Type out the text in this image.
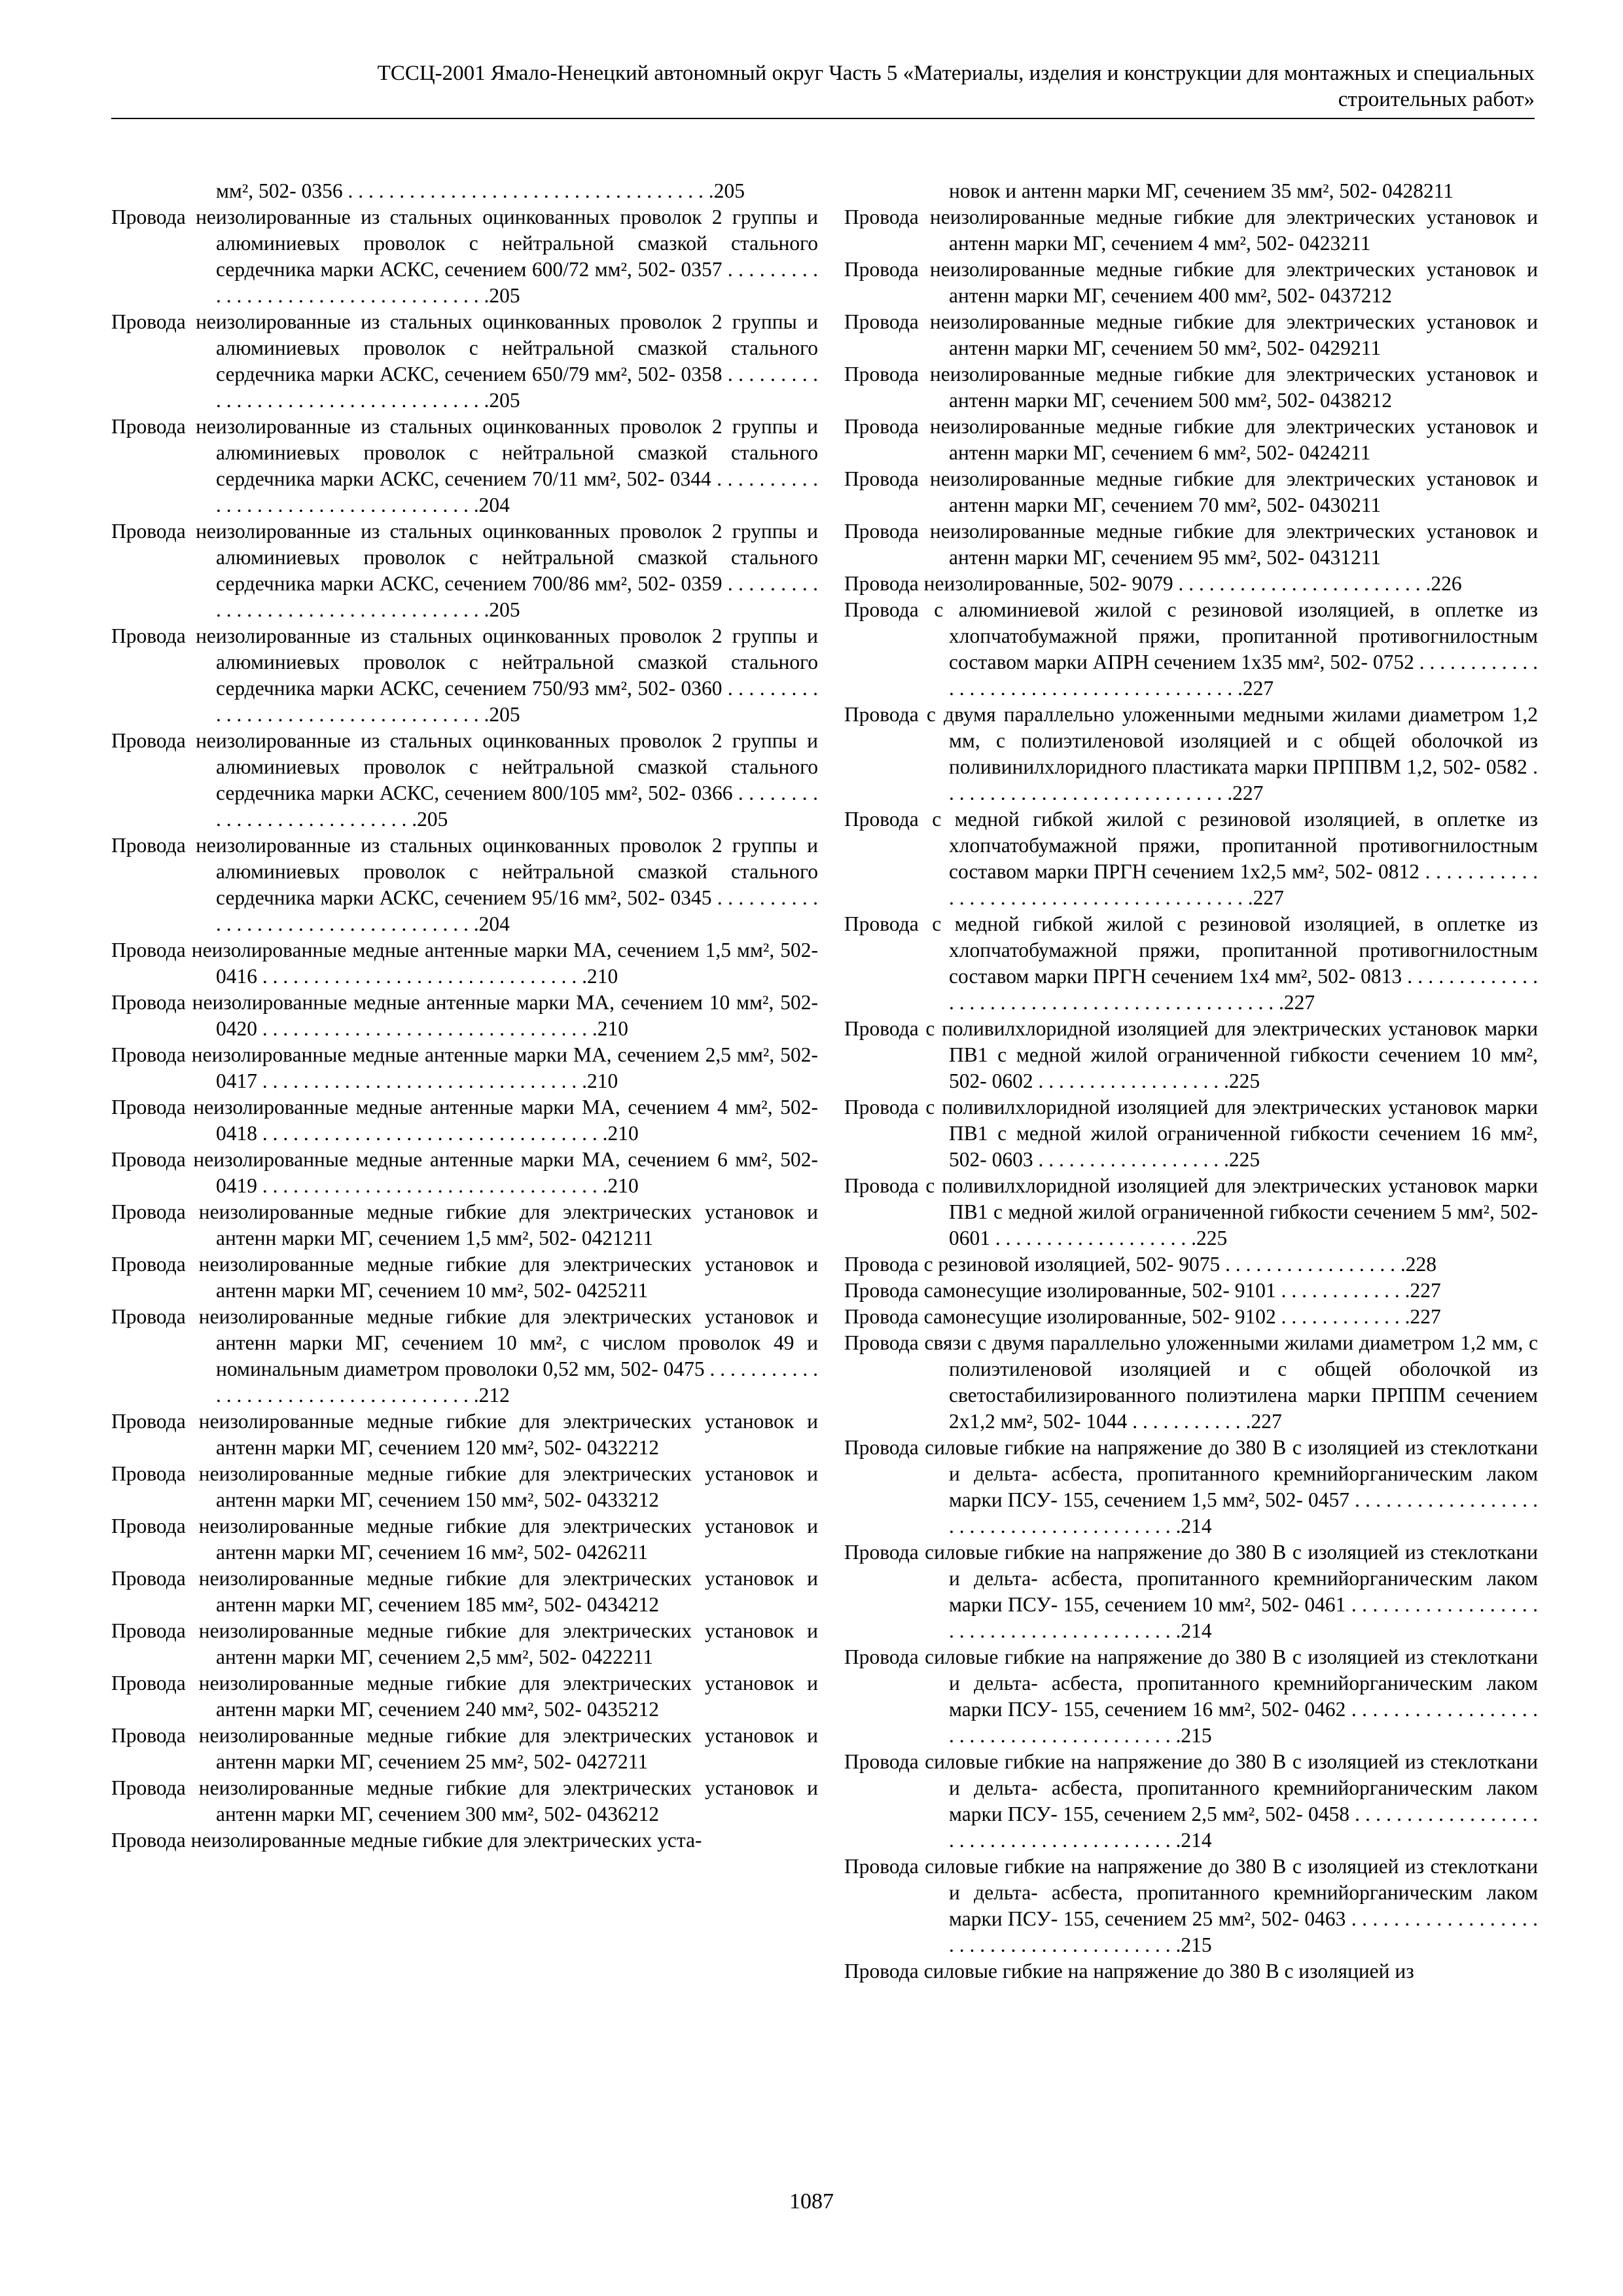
ТССЦ-2001 Ямало-Ненецкий автономный округ Часть 5 «Материалы, изделия и конструкции для монтажных и специальных
строительных работ»
мм², 502- 0356 . . . . . . . . . . . . . . . . . . . . . . . . . . . . . . . . . . . .205
Провода неизолированные из стальных оцинкованных проволок 2 группы и алюминиевых проволок с нейтральной смазкой стального сердечника марки АСКС, сечением 600/72 мм², 502- 0357 . . . . . . . . . . . . . . . . . . . . . . . . . . . . . . . . . . . .205
Провода неизолированные из стальных оцинкованных проволок 2 группы и алюминиевых проволок с нейтральной смазкой стального сердечника марки АСКС, сечением 650/79 мм², 502- 0358 . . . . . . . . . . . . . . . . . . . . . . . . . . . . . . . . . . . .205
Провода неизолированные из стальных оцинкованных проволок 2 группы и алюминиевых проволок с нейтральной смазкой стального сердечника марки АСКС, сечением 70/11 мм², 502- 0344 . . . . . . . . . . . . . . . . . . . . . . . . . . . . . . . . . . . .204
Провода неизолированные из стальных оцинкованных проволок 2 группы и алюминиевых проволок с нейтральной смазкой стального сердечника марки АСКС, сечением 700/86 мм², 502- 0359 . . . . . . . . . . . . . . . . . . . . . . . . . . . . . . . . . . . .205
Провода неизолированные из стальных оцинкованных проволок 2 группы и алюминиевых проволок с нейтральной смазкой стального сердечника марки АСКС, сечением 750/93 мм², 502- 0360 . . . . . . . . . . . . . . . . . . . . . . . . . . . . . . . . . . . .205
Провода неизолированные из стальных оцинкованных проволок 2 группы и алюминиевых проволок с нейтральной смазкой стального сердечника марки АСКС, сечением 800/105 мм², 502- 0366 . . . . . . . . . . . . . . . . . . . . . . . . . . . .205
Провода неизолированные из стальных оцинкованных проволок 2 группы и алюминиевых проволок с нейтральной смазкой стального сердечника марки АСКС, сечением 95/16 мм², 502- 0345 . . . . . . . . . . . . . . . . . . . . . . . . . . . . . . . . . . . .204
Провода неизолированные медные антенные марки МА, сечением 1,5 мм², 502- 0416 . . . . . . . . . . . . . . . . . . . . . . . . . . . . . . . .210
Провода неизолированные медные антенные марки МА, сечением 10 мм², 502- 0420 . . . . . . . . . . . . . . . . . . . . . . . . . . . . . . . . .210
Провода неизолированные медные антенные марки МА, сечением 2,5 мм², 502- 0417 . . . . . . . . . . . . . . . . . . . . . . . . . . . . . . . .210
Провода неизолированные медные антенные марки МА, сечением 4 мм², 502- 0418 . . . . . . . . . . . . . . . . . . . . . . . . . . . . . . . . . .210
Провода неизолированные медные антенные марки МА, сечением 6 мм², 502- 0419 . . . . . . . . . . . . . . . . . . . . . . . . . . . . . . . . . .210
Провода неизолированные медные гибкие для электрических установок и антенн марки МГ, сечением 1,5 мм², 502- 0421211
Провода неизолированные медные гибкие для электрических установок и антенн марки МГ, сечением 10 мм², 502- 0425211
Провода неизолированные медные гибкие для электрических установок и антенн марки МГ, сечением 10 мм², с числом проволок 49 и номинальным диаметром проволоки 0,52 мм, 502- 0475 . . . . . . . . . . . . . . . . . . . . . . . . . . . . . . . . . . . . .212
Провода неизолированные медные гибкие для электрических установок и антенн марки МГ, сечением 120 мм², 502- 0432212
Провода неизолированные медные гибкие для электрических установок и антенн марки МГ, сечением 150 мм², 502- 0433212
Провода неизолированные медные гибкие для электрических установок и антенн марки МГ, сечением 16 мм², 502- 0426211
Провода неизолированные медные гибкие для электрических установок и антенн марки МГ, сечением 185 мм², 502- 0434212
Провода неизолированные медные гибкие для электрических установок и антенн марки МГ, сечением 2,5 мм², 502- 0422211
Провода неизолированные медные гибкие для электрических установок и антенн марки МГ, сечением 240 мм², 502- 0435212
Провода неизолированные медные гибкие для электрических установок и антенн марки МГ, сечением 25 мм², 502- 0427211
Провода неизолированные медные гибкие для электрических установок и антенн марки МГ, сечением 300 мм², 502- 0436212
Провода неизолированные медные гибкие для электрических уста-
новок и антенн марки МГ, сечением 35 мм², 502- 0428211
Провода неизолированные медные гибкие для электрических установок и антенн марки МГ, сечением 4 мм², 502- 0423211
Провода неизолированные медные гибкие для электрических установок и антенн марки МГ, сечением 400 мм², 502- 0437212
Провода неизолированные медные гибкие для электрических установок и антенн марки МГ, сечением 50 мм², 502- 0429211
Провода неизолированные медные гибкие для электрических установок и антенн марки МГ, сечением 500 мм², 502- 0438212
Провода неизолированные медные гибкие для электрических установок и антенн марки МГ, сечением 6 мм², 502- 0424211
Провода неизолированные медные гибкие для электрических установок и антенн марки МГ, сечением 70 мм², 502- 0430211
Провода неизолированные медные гибкие для электрических установок и антенн марки МГ, сечением 95 мм², 502- 0431211
Провода неизолированные, 502- 9079 . . . . . . . . . . . . . . . . . . . . . . . . .226
Провода с алюминиевой жилой с резиновой изоляцией, в оплетке из хлопчатобумажной пряжи, пропитанной противогнилостным составом марки АПРН сечением 1х35 мм², 502- 0752 . . . . . . . . . . . . . . . . . . . . . . . . . . . . . . . . . . . . . . . . .227
Провода с двумя параллельно уложенными медными жилами диаметром 1,2 мм, с полиэтиленовой изоляцией и с общей оболочкой из поливинилхлоридного пластиката марки ПРППВМ 1,2, 502- 0582 . . . . . . . . . . . . . . . . . . . . . . . . . . . . .227
Провода с медной гибкой жилой с резиновой изоляцией, в оплетке из хлопчатобумажной пряжи, пропитанной противогнилостным составом марки ПРГН сечением 1х2,5 мм², 502- 0812 . . . . . . . . . . . . . . . . . . . . . . . . . . . . . . . . . . . . . . . . .227
Провода с медной гибкой жилой с резиновой изоляцией, в оплетке из хлопчатобумажной пряжи, пропитанной противогнилостным составом марки ПРГН сечением 1х4 мм², 502- 0813 . . . . . . . . . . . . . . . . . . . . . . . . . . . . . . . . . . . . . . . . . . . . . .227
Провода с поливилхлоридной изоляцией для электрических установок марки ПВ1 с медной жилой ограниченной гибкости сечением 10 мм², 502- 0602 . . . . . . . . . . . . . . . . . . .225
Провода с поливилхлоридной изоляцией для электрических установок марки ПВ1 с медной жилой ограниченной гибкости сечением 16 мм², 502- 0603 . . . . . . . . . . . . . . . . . . .225
Провода с поливилхлоридной изоляцией для электрических установок марки ПВ1 с медной жилой ограниченной гибкости сечением 5 мм², 502- 0601 . . . . . . . . . . . . . . . . . . . .225
Провода с резиновой изоляцией, 502- 9075 . . . . . . . . . . . . . . . . . .228
Провода самонесущие изолированные, 502- 9101 . . . . . . . . . . . . .227
Провода самонесущие изолированные, 502- 9102 . . . . . . . . . . . . .227
Провода связи с двумя параллельно уложенными жилами диаметром 1,2 мм, с полиэтиленовой изоляцией и с общей оболочкой из светостабилизированного полиэтилена марки ПРППМ сечением 2х1,2 мм², 502- 1044 . . . . . . . . . . . .227
Провода силовые гибкие на напряжение до 380 В с изоляцией из стеклоткани и дельта- асбеста, пропитанного кремнийорганическим лаком марки ПСУ- 155, сечением 1,5 мм², 502- 0457 . . . . . . . . . . . . . . . . . . . . . . . . . . . . . . . . . . . . . . . . .214
Провода силовые гибкие на напряжение до 380 В с изоляцией из стеклоткани и дельта- асбеста, пропитанного кремнийорганическим лаком марки ПСУ- 155, сечением 10 мм², 502- 0461 . . . . . . . . . . . . . . . . . . . . . . . . . . . . . . . . . . . . . . . . .214
Провода силовые гибкие на напряжение до 380 В с изоляцией из стеклоткани и дельта- асбеста, пропитанного кремнийорганическим лаком марки ПСУ- 155, сечением 16 мм², 502- 0462 . . . . . . . . . . . . . . . . . . . . . . . . . . . . . . . . . . . . . . . . .215
Провода силовые гибкие на напряжение до 380 В с изоляцией из стеклоткани и дельта- асбеста, пропитанного кремнийорганическим лаком марки ПСУ- 155, сечением 2,5 мм², 502- 0458 . . . . . . . . . . . . . . . . . . . . . . . . . . . . . . . . . . . . . . . . .214
Провода силовые гибкие на напряжение до 380 В с изоляцией из стеклоткани и дельта- асбеста, пропитанного кремнийорганическим лаком марки ПСУ- 155, сечением 25 мм², 502- 0463 . . . . . . . . . . . . . . . . . . . . . . . . . . . . . . . . . . . . . . . . .215
Провода силовые гибкие на напряжение до 380 В с изоляцией из
1087
